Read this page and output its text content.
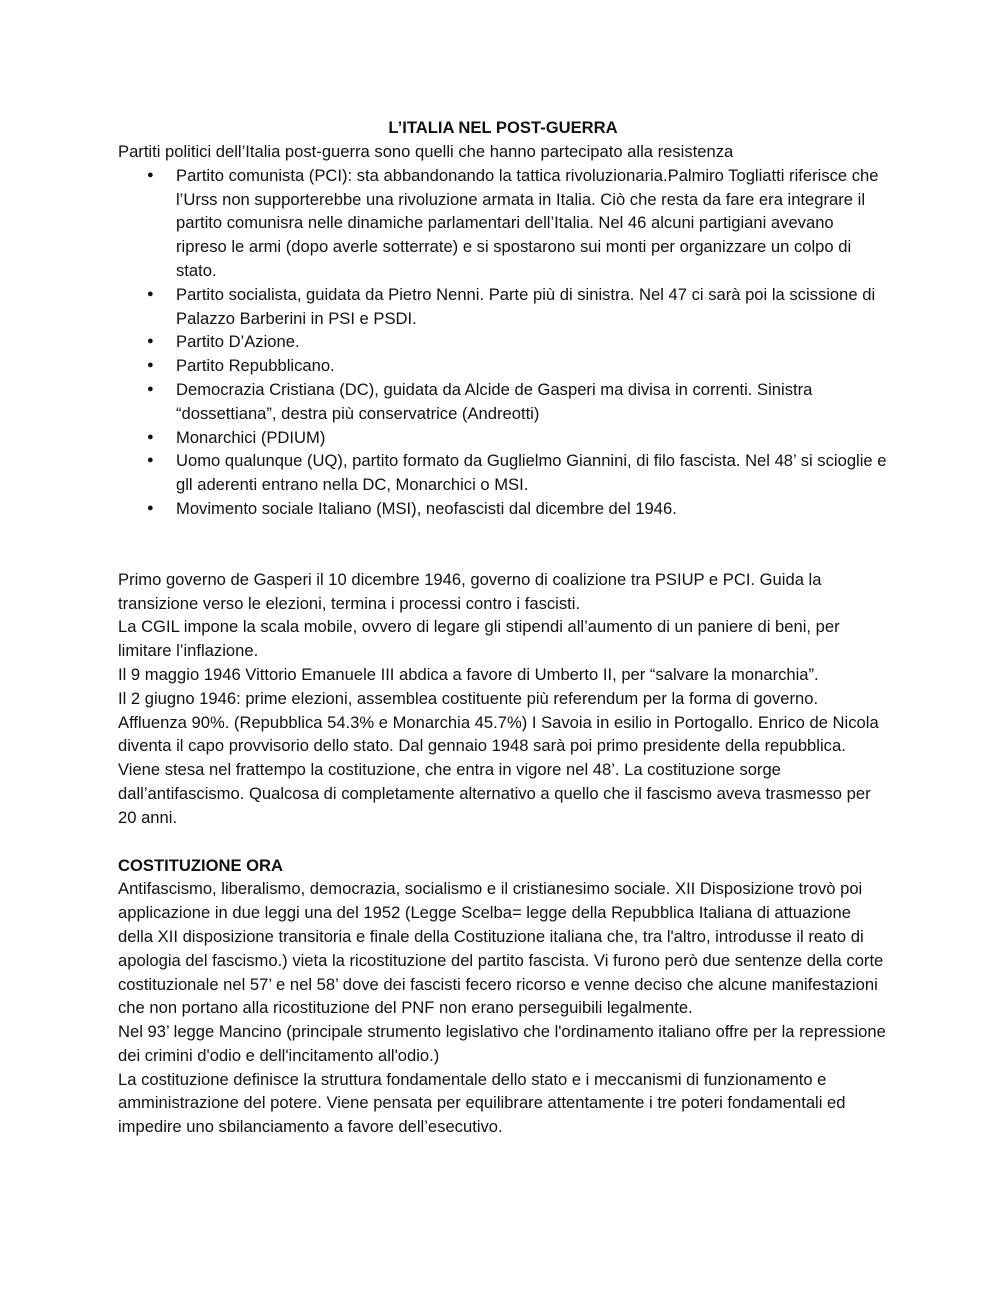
L’ITALIA NEL POST-GUERRA

Partiti politici dell’Italia post-guerra sono quelli che hanno partecipato alla resistenza

● Partito comunista (PCI): sta abbandonando la tattica rivoluzionaria.Palmiro Togliatti riferisce che l’Urss non supporterebbe una rivoluzione armata in Italia. Ciò che resta da fare era integrare il partito comunisra nelle dinamiche parlamentari dell’Italia. Nel 46 alcuni partigiani avevano ripreso le armi (dopo averle sotterrate) e si spostarono sui monti per organizzare un colpo di stato.
● Partito socialista, guidata da Pietro Nenni. Parte più di sinistra. Nel 47 ci sarà poi la scissione di Palazzo Barberini in PSI e PSDI.
● Partito D’Azione.
● Partito Repubblicano.
● Democrazia Cristiana (DC), guidata da Alcide de Gasperi ma divisa in correnti. Sinistra “dossettiana”, destra più conservatrice (Andreotti)
● Monarchici (PDIUM)
● Uomo qualunque (UQ), partito formato da Guglielmo Giannini, di filo fascista. Nel 48’ si scioglie e gll aderenti entrano nella DC, Monarchici o MSI.
● Movimento sociale Italiano (MSI), neofascisti dal dicembre del 1946.

Primo governo de Gasperi il 10 dicembre 1946, governo di coalizione tra PSIUP e PCI. Guida la transizione verso le elezioni, termina i processi contro i fascisti.

La CGIL impone la scala mobile, ovvero di legare gli stipendi all’aumento di un paniere di beni, per limitare l’inflazione.

Il 9 maggio 1946 Vittorio Emanuele III abdica a favore di Umberto II, per “salvare la monarchia”.

Il 2 giugno 1946: prime elezioni, assemblea costituente più referendum per la forma di governo. Affluenza 90%. (Repubblica 54.3% e Monarchia 45.7%) I Savoia in esilio in Portogallo. Enrico de Nicola diventa il capo provvisorio dello stato. Dal gennaio 1948 sarà poi primo presidente della repubblica. Viene stesa nel frattempo la costituzione, che entra in vigore nel 48’. La costituzione sorge dall’antifascismo. Qualcosa di completamente alternativo a quello che il fascismo aveva trasmesso per 20 anni.

COSTITUZIONE ORA

Antifascismo, liberalismo, democrazia, socialismo e il cristianesimo sociale. XII Disposizione trovò poi applicazione in due leggi una del 1952 (Legge Scelba= legge della Repubblica Italiana di attuazione della XII disposizione transitoria e finale della Costituzione italiana che, tra l'altro, introdusse il reato di apologia del fascismo.) vieta la ricostituzione del partito fascista. Vi furono però due sentenze della corte costituzionale nel 57’ e nel 58’ dove dei fascisti fecero ricorso e venne deciso che alcune manifestazioni che non portano alla ricostituzione del PNF non erano perseguibili legalmente.

Nel 93’ legge Mancino (principale strumento legislativo che l'ordinamento italiano offre per la repressione dei crimini d'odio e dell'incitamento all'odio.)

La costituzione definisce la struttura fondamentale dello stato e i meccanismi di funzionamento e amministrazione del potere. Viene pensata per equilibrare attentamente i tre poteri fondamentali ed impedire uno sbilanciamento a favore dell’esecutivo.
